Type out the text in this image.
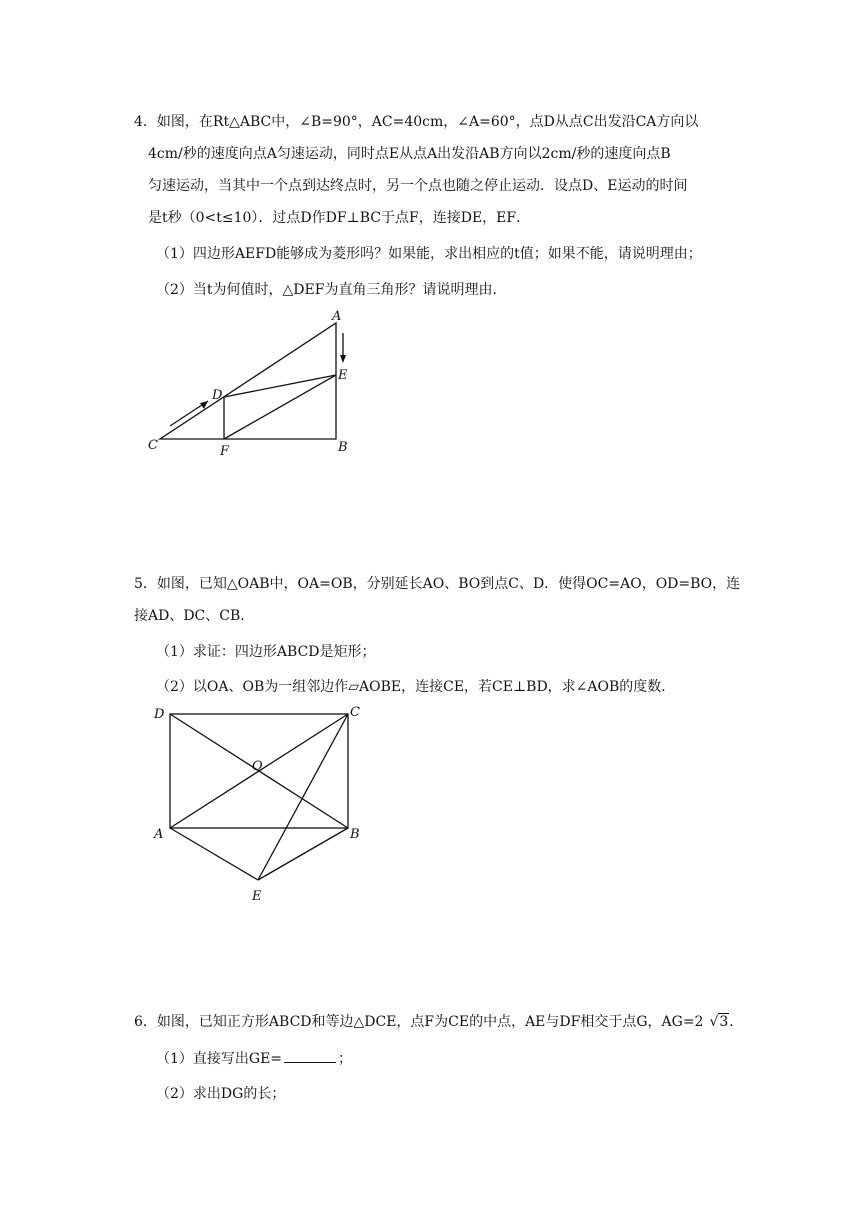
4．如图，在Rt△ABC中，∠B=90°，AC=40cm，∠A=60°，点D从点C出发沿CA方向以
4cm/秒的速度向点A匀速运动，同时点E从点A出发沿AB方向以2cm/秒的速度向点B
匀速运动，当其中一个点到达终点时，另一个点也随之停止运动．设点D、E运动的时间
是t秒（0<t≤10）．过点D作DF⊥BC于点F，连接DE，EF．
（1）四边形AEFD能够成为菱形吗？如果能，求出相应的t值；如果不能，请说明理由；
（2）当t为何值时，△DEF为直角三角形？请说明理由．
A
B
C
D
E
F
5．如图，已知△OAB中，OA=OB，分别延长AO、BO到点C、D．使得OC=AO，OD=BO，连
接AD、DC、CB．
（1）求证：四边形ABCD是矩形；
（2）以OA、OB为一组邻边作▱AOBE，连接CE，若CE⊥BD，求∠AOB的度数．
D	C
O
A	B
E
6．如图，已知正方形ABCD和等边△DCE，点F为CE的中点，AE与DF相交于点G，AG=2 √3．
（1）直接写出GE=	；
（2）求出DG的长；
